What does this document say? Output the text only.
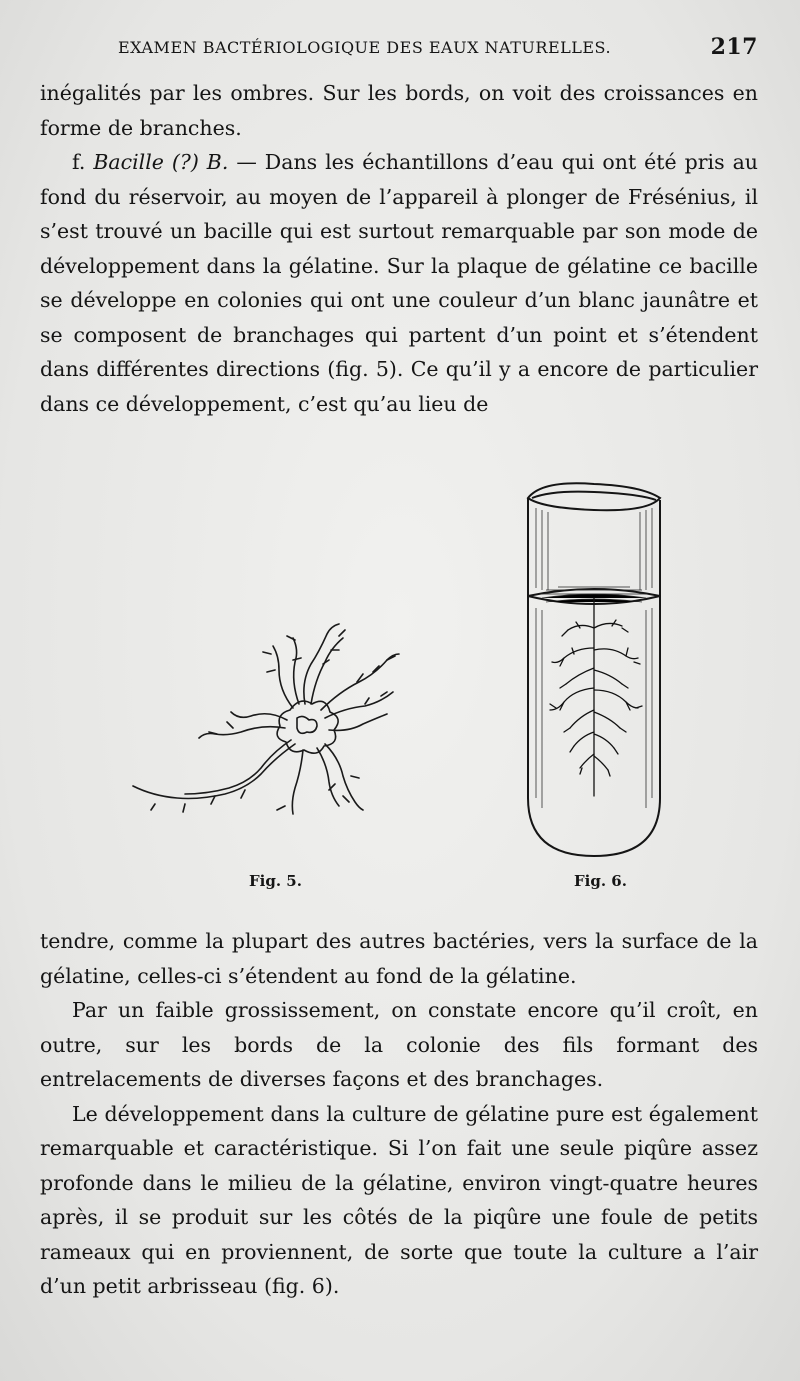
EXAMEN BACTÉRIOLOGIQUE DES EAUX NATURELLES.	217

inégalités par les ombres. Sur les bords, on voit des croissances en forme de branches.

f. Bacille (?) B. — Dans les échantillons d’eau qui ont été pris au fond du réservoir, au moyen de l’appareil à plonger de Frésénius, il s’est trouvé un bacille qui est surtout remarquable par son mode de développement dans la gélatine. Sur la plaque de gélatine ce bacille se développe en colonies qui ont une couleur d’un blanc jaunâtre et se composent de branchages qui partent d’un point et s’étendent dans différentes directions (fig. 5). Ce qu’il y a encore de particulier dans ce développement, c’est qu’au lieu de

Fig. 5.	Fig. 6.

tendre, comme la plupart des autres bactéries, vers la surface de la gélatine, celles-ci s’étendent au fond de la gélatine.

Par un faible grossissement, on constate encore qu’il croît, en outre, sur les bords de la colonie des fils formant des entrelacements de diverses façons et des branchages.

Le développement dans la culture de gélatine pure est également remarquable et caractéristique. Si l’on fait une seule piqûre assez profonde dans le milieu de la gélatine, environ vingt-quatre heures après, il se produit sur les côtés de la piqûre une foule de petits rameaux qui en proviennent, de sorte que toute la culture a l’air d’un petit arbrisseau (fig. 6).
